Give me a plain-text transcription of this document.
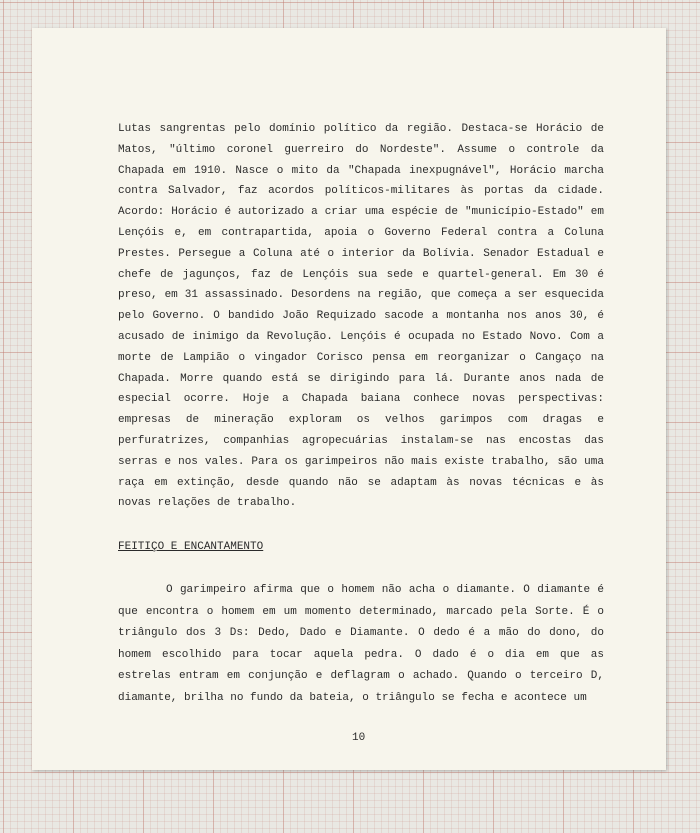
Lutas sangrentas pelo domínio político da região. Destaca-se Horácio de Matos, "último coronel guerreiro do Nordeste". Assume o controle da Chapada em 1910. Nasce o mito da "Chapada inexpugnável", Horácio marcha contra Salvador, faz acordos políticos-militares às portas da cidade. Acordo: Horácio é autorizado a criar uma espécie de "município-Estado" em Lençóis e, em contrapartida, apoia o Governo Federal contra a Coluna Prestes. Persegue a Coluna até o interior da Bolívia. Senador Estadual e chefe de jagunços, faz de Lençóis sua sede e quartel-general. Em 30 é preso, em 31 assassinado. Desordens na região, que começa a ser esquecida pelo Governo. O bandido João Requizado sacode a montanha nos anos 30, é acusado de inimigo da Revolução. Lençóis é ocupada no Estado Novo. Com a morte de Lampião o vingador Corisco pensa em reorganizar o Cangaço na Chapada. Morre quando está se dirigindo para lá. Durante anos nada de especial ocorre. Hoje a Chapada baiana conhece novas perspectivas: empresas de mineração exploram os velhos garimpos com dragas e perfuratrizes, companhias agropecuárias instalam-se nas encostas das serras e nos vales. Para os garimpeiros não mais existe trabalho, são uma raça em extinção, desde quando não se adaptam às novas técnicas e às novas relações de trabalho.

FEITIÇO E ENCANTAMENTO

O garimpeiro afirma que o homem não acha o diamante. O diamante é que encontra o homem em um momento determinado, marcado pela Sorte. É o triângulo dos 3 Ds: Dedo, Dado e Diamante. O dedo é a mão do dono, do homem escolhido para tocar aquela pedra. O dado é o dia em que as estrelas entram em conjunção e deflagram o achado. Quando o terceiro D, diamante, brilha no fundo da bateia, o triângulo se fecha e acontece um

10
